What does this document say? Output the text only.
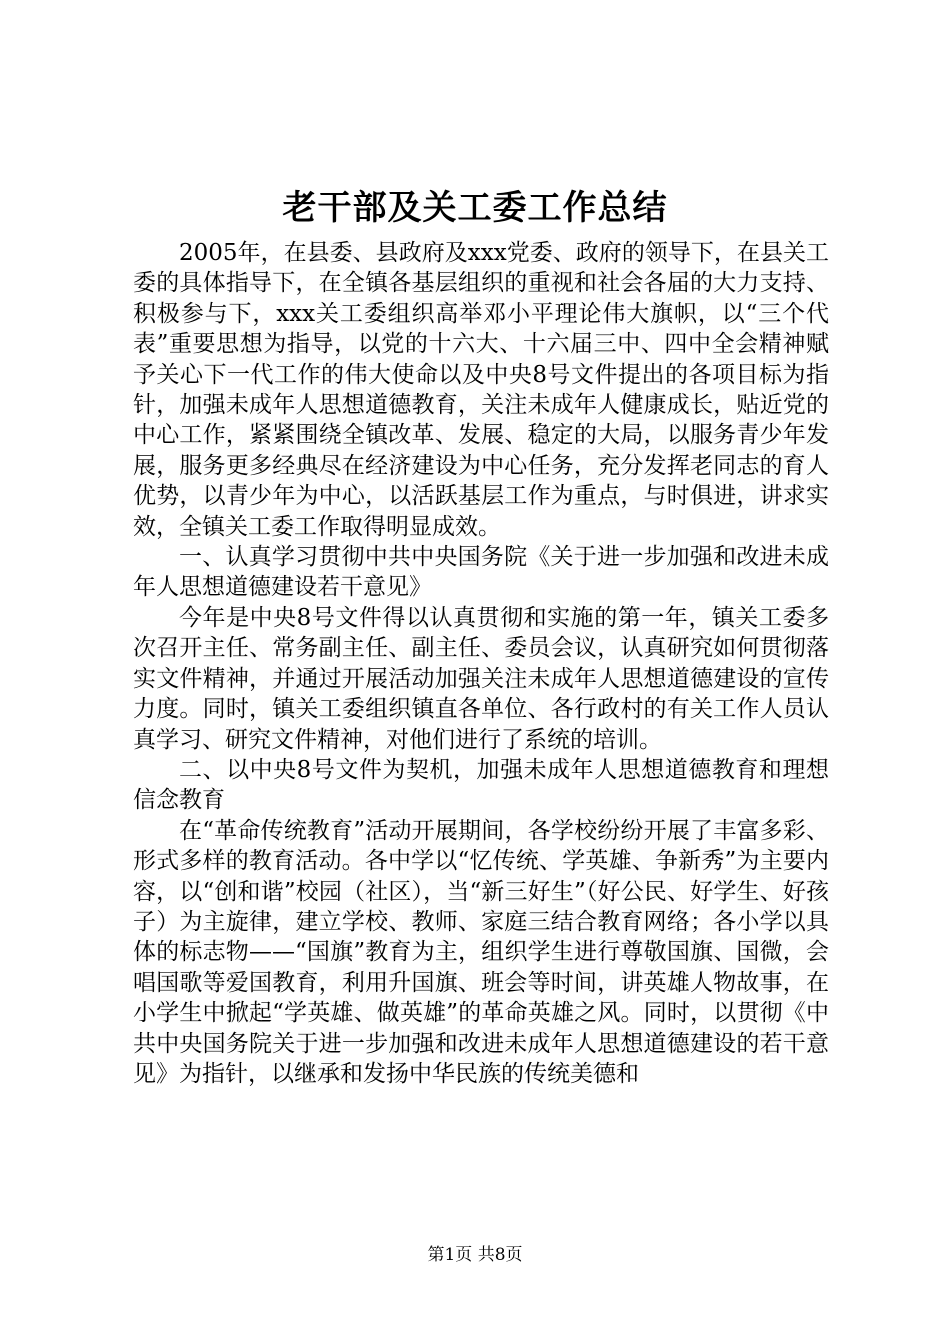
老干部及关工委工作总结

2005年，在县委、县政府及xxx党委、政府的领导下，在县关工委的具体指导下，在全镇各基层组织的重视和社会各届的大力支持、积极参与下，xxx关工委组织高举邓小平理论伟大旗帜，以“三个代表”重要思想为指导，以党的十六大、十六届三中、四中全会精神赋予关心下一代工作的伟大使命以及中央8号文件提出的各项目标为指针，加强未成年人思想道德教育，关注未成年人健康成长，贴近党的中心工作，紧紧围绕全镇改革、发展、稳定的大局，以服务青少年发展，服务更多经典尽在经济建设为中心任务，充分发挥老同志的育人优势，以青少年为中心，以活跃基层工作为重点，与时俱进，讲求实效，全镇关工委工作取得明显成效。

一、认真学习贯彻中共中央国务院《关于进一步加强和改进未成年人思想道德建设若干意见》

今年是中央8号文件得以认真贯彻和实施的第一年，镇关工委多次召开主任、常务副主任、副主任、委员会议，认真研究如何贯彻落实文件精神，并通过开展活动加强关注未成年人思想道德建设的宣传力度。同时，镇关工委组织镇直各单位、各行政村的有关工作人员认真学习、研究文件精神，对他们进行了系统的培训。

二、以中央8号文件为契机，加强未成年人思想道德教育和理想信念教育

在“革命传统教育”活动开展期间，各学校纷纷开展了丰富多彩、形式多样的教育活动。各中学以“忆传统、学英雄、争新秀”为主要内容，以“创和谐”校园（社区），当“新三好生”（好公民、好学生、好孩子）为主旋律，建立学校、教师、家庭三结合教育网络；各小学以具体的标志物——“国旗”教育为主，组织学生进行尊敬国旗、国微，会唱国歌等爱国教育，利用升国旗、班会等时间，讲英雄人物故事，在小学生中掀起“学英雄、做英雄”的革命英雄之风。同时，以贯彻《中共中央国务院关于进一步加强和改进未成年人思想道德建设的若干意见》为指针，以继承和发扬中华民族的传统美德和

第1页 共8页
